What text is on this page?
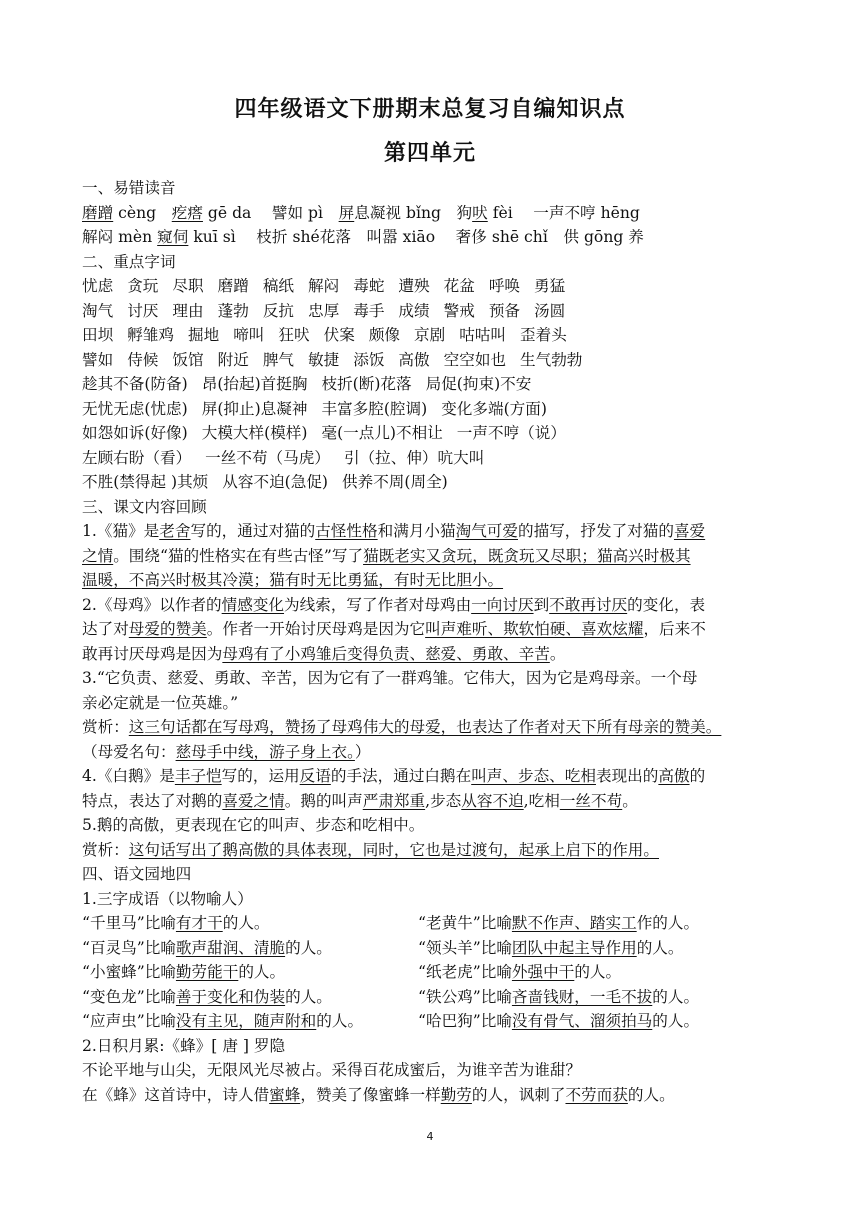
四年级语文下册期末总复习自编知识点
第四单元
一、易错读音
磨蹭 cèng　疙瘩 gē da　 譬如 pì　屏息凝视 bǐng　狗吠 fèi　 一声不哼 hēng
解闷 mèn 窥伺 kuī sì　 枝折 shé花落　叫嚣 xiāo　 奢侈 shē chǐ　供 gōng 养
二、重点字词
忧虑 贪玩 尽职 磨蹭 稿纸 解闷 毒蛇 遭殃 花盆 呼唤 勇猛
淘气 讨厌 理由 蓬勃 反抗 忠厚 毒手 成绩 警戒 预备 汤圆
田坝 孵雏鸡 掘地 啼叫 狂吠 伏案 颇像 京剧 咕咕叫 歪着头
譬如 侍候 饭馆 附近 脾气 敏捷 添饭 高傲 空空如也 生气勃勃
趁其不备(防备) 昂(抬起)首挺胸 枝折(断)花落 局促(拘束)不安
无忧无虑(忧虑) 屏(抑止)息凝神 丰富多腔(腔调) 变化多端(方面)
如怨如诉(好像) 大模大样(模样) 毫(一点儿)不相让 一声不哼（说）
左顾右盼（看） 一丝不苟（马虎） 引（拉、伸）吭大叫
不胜(禁得起 )其烦 从容不迫(急促) 供养不周(周全)
三、课文内容回顾
1.《猫》是老舍写的，通过对猫的古怪性格和满月小猫淘气可爱的描写，抒发了对猫的喜爱
之情。围绕“猫的性格实在有些古怪”写了猫既老实又贪玩，既贪玩又尽职；猫高兴时极其
温暖，不高兴时极其冷漠；猫有时无比勇猛，有时无比胆小。
2.《母鸡》以作者的情感变化为线索，写了作者对母鸡由一向讨厌到不敢再讨厌的变化，表
达了对母爱的赞美。作者一开始讨厌母鸡是因为它叫声难听、欺软怕硬、喜欢炫耀，后来不
敢再讨厌母鸡是因为母鸡有了小鸡雏后变得负责、慈爱、勇敢、辛苦。
3.“它负责、慈爱、勇敢、辛苦，因为它有了一群鸡雏。它伟大，因为它是鸡母亲。一个母
亲必定就是一位英雄。”
赏析：这三句话都在写母鸡，赞扬了母鸡伟大的母爱，也表达了作者对天下所有母亲的赞美。
（母爱名句：慈母手中线，游子身上衣。）
4.《白鹅》是丰子恺写的，运用反语的手法，通过白鹅在叫声、步态、吃相表现出的高傲的
特点，表达了对鹅的喜爱之情。鹅的叫声严肃郑重,步态从容不迫,吃相一丝不苟。
5.鹅的高傲，更表现在它的叫声、步态和吃相中。
赏析：这句话写出了鹅高傲的具体表现，同时，它也是过渡句，起承上启下的作用。
四、语文园地四
1.三字成语（以物喻人）
“千里马”比喻有才干的人。	“老黄牛”比喻默不作声、踏实工作的人。
“百灵鸟”比喻歌声甜润、清脆的人。	“领头羊”比喻团队中起主导作用的人。
“小蜜蜂”比喻勤劳能干的人。	“纸老虎”比喻外强中干的人。
“变色龙”比喻善于变化和伪装的人。	“铁公鸡”比喻吝啬钱财，一毛不拔的人。
“应声虫”比喻没有主见，随声附和的人。	“哈巴狗”比喻没有骨气、溜须拍马的人。
2.日积月累:《蜂》[ 唐 ] 罗隐
不论平地与山尖，无限风光尽被占。采得百花成蜜后，为谁辛苦为谁甜？
在《蜂》这首诗中，诗人借蜜蜂，赞美了像蜜蜂一样勤劳的人，讽刺了不劳而获的人。
4
